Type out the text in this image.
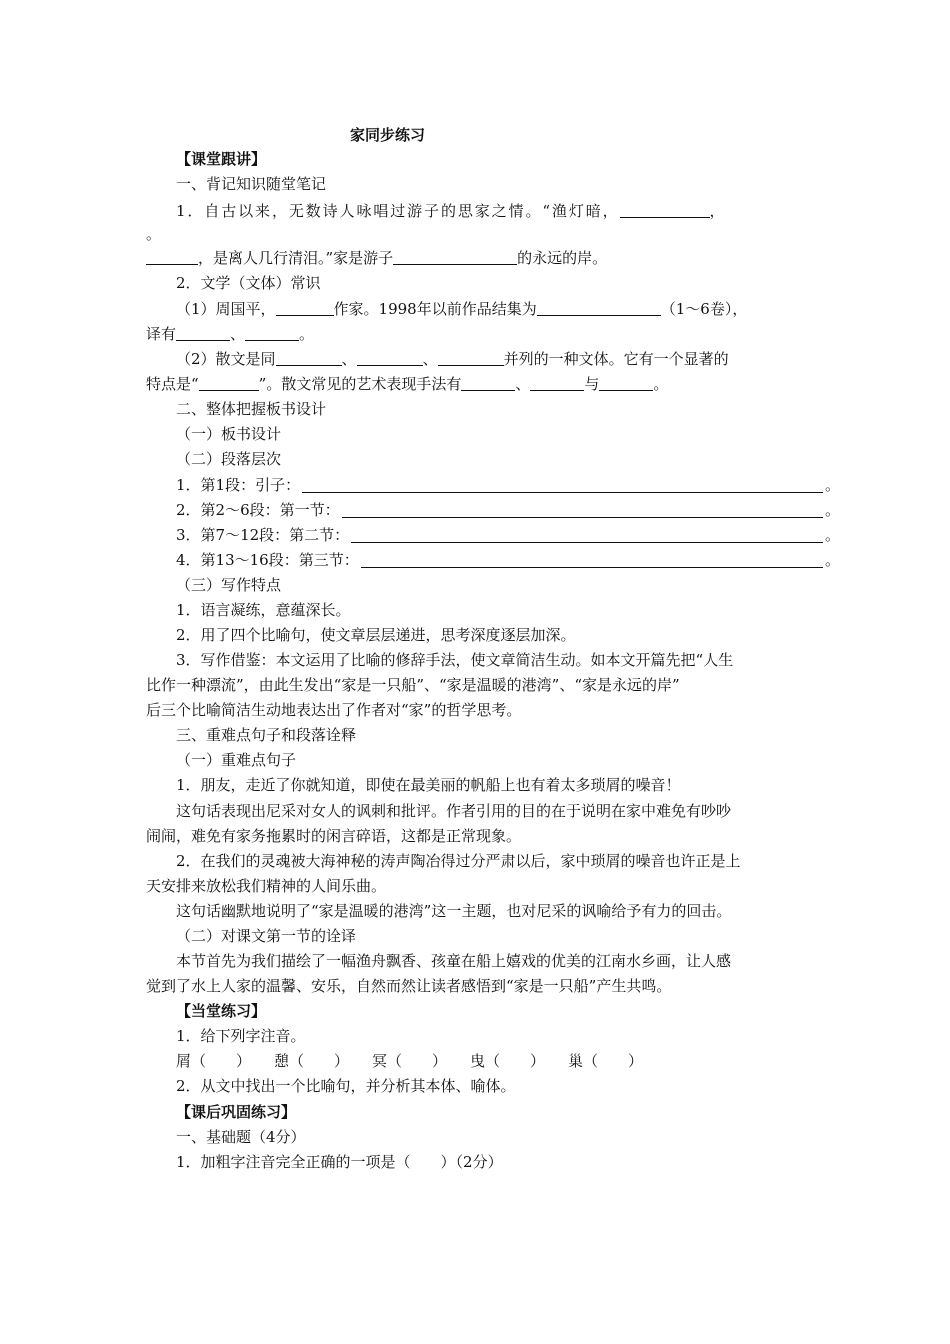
家同步练习
【课堂跟讲】
一、背记知识随堂笔记
1．自古以来，无数诗人咏唱过游子的思家之情。“渔灯暗，	，
。
，是离人几行清泪。”家是游子	的永远的岸。
2．文学（文体）常识
（1）周国平，	作家。1998年以前作品结集为	（1～6卷），
译有	、	。
（2）散文是同	、	、	并列的一种文体。它有一个显著的
特点是“	”。散文常见的艺术表现手法有	、	与	。
二、整体把握板书设计
（一）板书设计
（二）段落层次
1．第1段：引子：	。
2．第2～6段：第一节：	。
3．第7～12段：第二节：	。
4．第13～16段：第三节：	。
（三）写作特点
1．语言凝练，意蕴深长。
2．用了四个比喻句，使文章层层递进，思考深度逐层加深。
3．写作借鉴：本文运用了比喻的修辞手法，使文章简洁生动。如本文开篇先把“人生
比作一种漂流”，由此生发出“家是一只船”、“家是温暖的港湾”、“家是永远的岸”
后三个比喻简洁生动地表达出了作者对“家”的哲学思考。
三、重难点句子和段落诠释
（一）重难点句子
1．朋友，走近了你就知道，即使在最美丽的帆船上也有着太多琐屑的噪音！
这句话表现出尼采对女人的讽刺和批评。作者引用的目的在于说明在家中难免有吵吵
闹闹，难免有家务拖累时的闲言碎语，这都是正常现象。
2．在我们的灵魂被大海神秘的涛声陶冶得过分严肃以后，家中琐屑的噪音也许正是上
天安排来放松我们精神的人间乐曲。
这句话幽默地说明了“家是温暖的港湾”这一主题，也对尼采的讽喻给予有力的回击。
（二）对课文第一节的诠译
本节首先为我们描绘了一幅渔舟飘香、孩童在船上嬉戏的优美的江南水乡画，让人感
觉到了水上人家的温馨、安乐，自然而然让读者感悟到“家是一只船”产生共鸣。
【当堂练习】
1．给下列字注音。
屑（　　） 憩（　　） 冥（　　） 曳（　　） 巢（　　）
2．从文中找出一个比喻句，并分析其本体、喻体。
【课后巩固练习】
一、基础题（4分）
1．加粗字注音完全正确的一项是（　　）（2分）
